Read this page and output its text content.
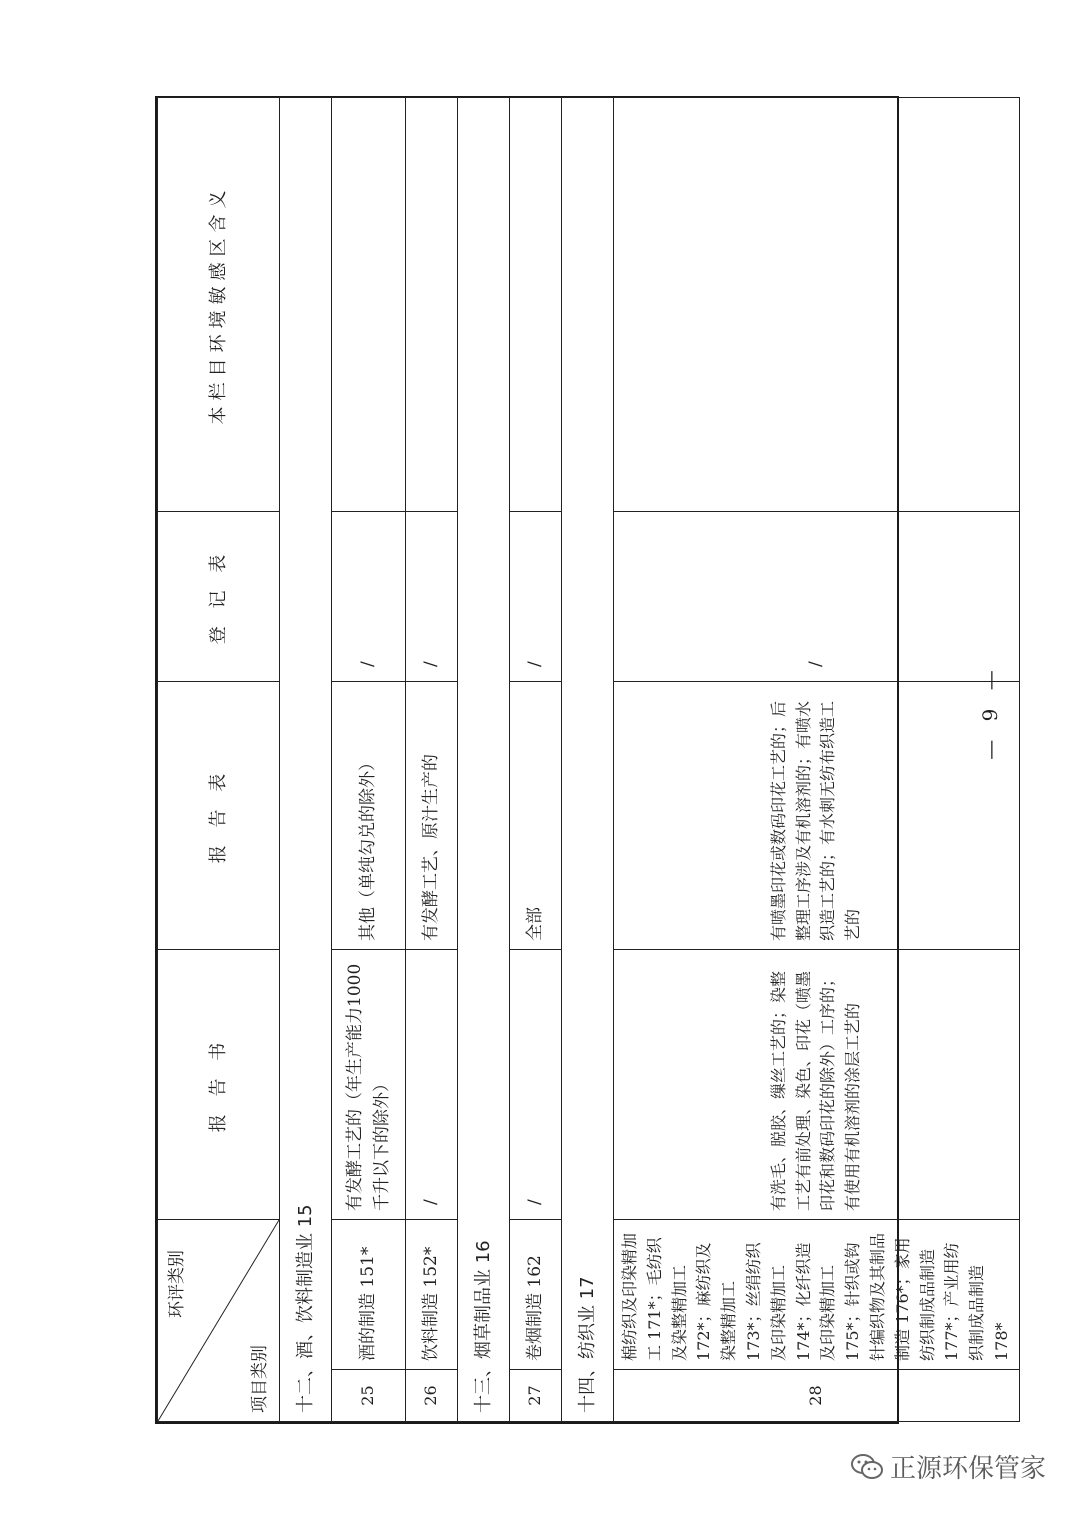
环评类别
项目类别		报 告 书	报 告 表	登 记 表	本栏目环境敏感区含义
十二、酒、饮料制造业 15					
25	酒的制造 151*	有发酵工艺的（年生产能力1000千升以下的除外）	其他（单纯勾兑的除外）	/	
26	饮料制造 152*	/	有发酵工艺、原汁生产的	/	
十三、烟草制品业 16					
27	卷烟制造 162	/	全部	/	
十四、纺织业 17					
28	棉纺织及印染精加工 171*；毛纺织及染整精加工 172*；麻纺织及染整精加工 173*；丝绢纺织及印染精加工 174*；化纤织造及印染精加工 175*；针织或钩针编织物及其制品制造 176*；家用纺织制成品制造 177*；产业用纺织制成品制造 178*	有洗毛、脱胶、缫丝工艺的；染整工艺有前处理、染色、印花（喷墨印花和数码印花的除外）工序的；有使用有机溶剂的涂层工艺的	有喷墨印花或数码印花工艺的；后整理工序涉及有机溶剂的；有喷水织造工艺的；有水刺无纺布织造工艺的	/	
— 9 —
正源环保管家
